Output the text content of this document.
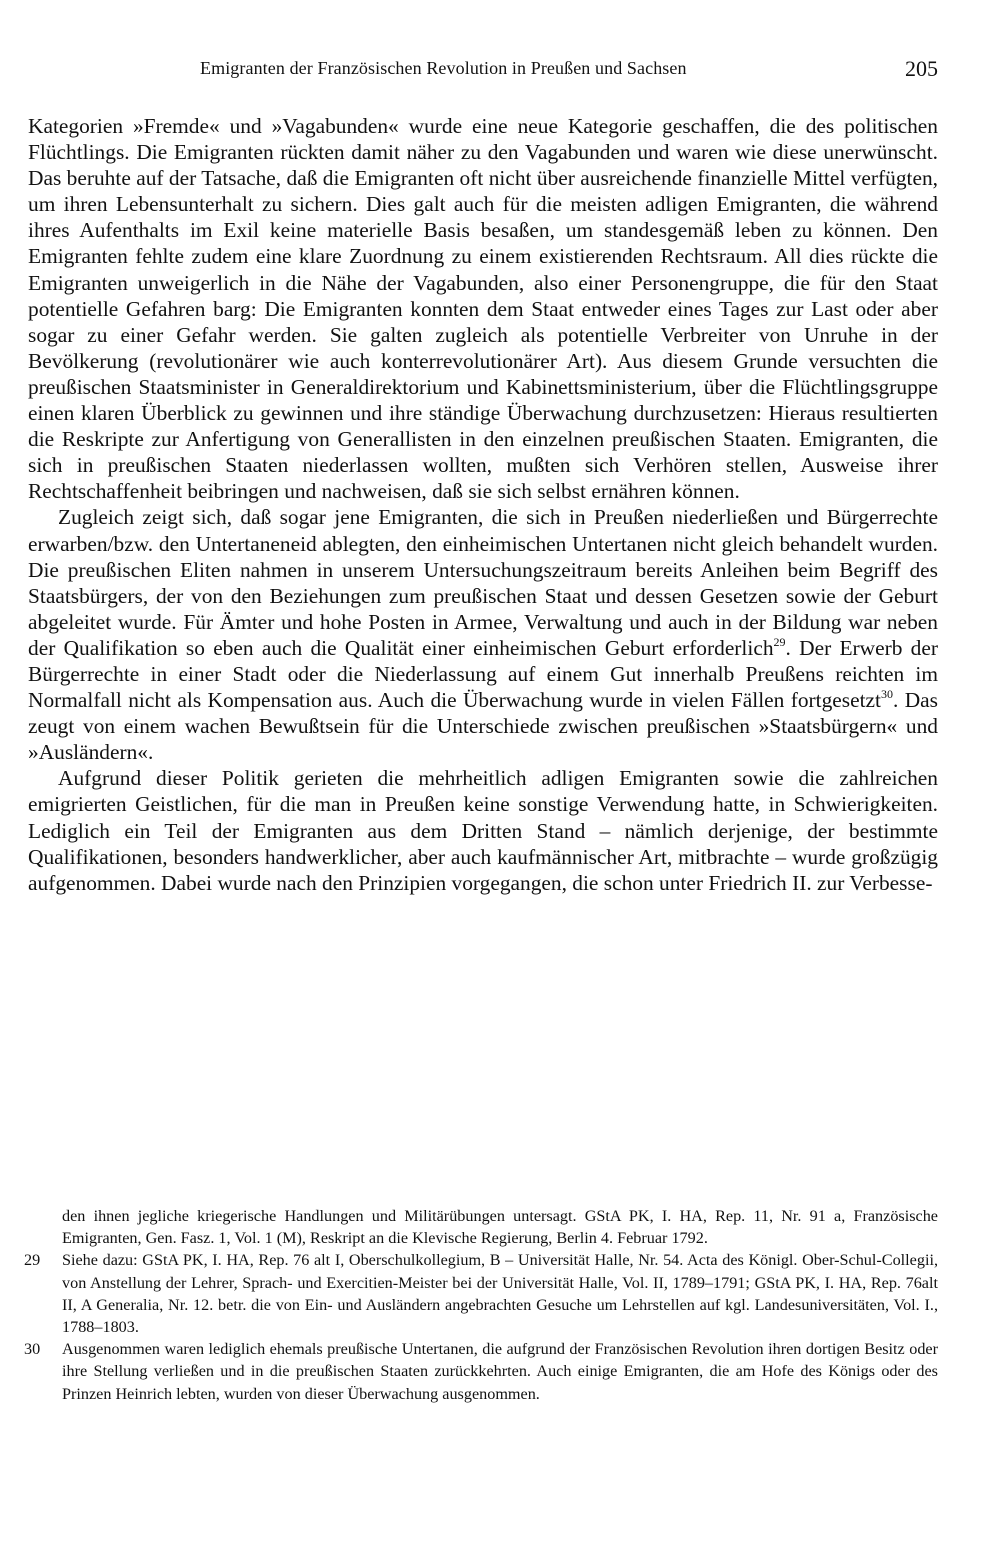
Emigranten der Französischen Revolution in Preußen und Sachsen	205

Kategorien »Fremde« und »Vagabunden« wurde eine neue Kategorie geschaffen, die des politischen Flüchtlings. Die Emigranten rückten damit näher zu den Vagabunden und waren wie diese unerwünscht. Das beruhte auf der Tatsache, daß die Emigranten oft nicht über ausreichende finanzielle Mittel verfügten, um ihren Lebensunterhalt zu sichern. Dies galt auch für die meisten adligen Emigranten, die während ihres Aufenthalts im Exil keine materielle Basis besaßen, um standesgemäß leben zu können. Den Emigranten fehlte zudem eine klare Zuordnung zu einem existierenden Rechtsraum. All dies rückte die Emigranten unweigerlich in die Nähe der Vagabunden, also einer Personengruppe, die für den Staat potentielle Gefahren barg: Die Emigranten konnten dem Staat entweder eines Tages zur Last oder aber sogar zu einer Gefahr werden. Sie galten zugleich als potentielle Verbreiter von Unruhe in der Bevölkerung (revolutionärer wie auch konterrevolutionärer Art). Aus diesem Grunde versuchten die preußischen Staatsminister in Generaldirektorium und Kabinettsministerium, über die Flüchtlingsgruppe einen klaren Überblick zu gewinnen und ihre ständige Überwachung durchzusetzen: Hieraus resultierten die Reskripte zur Anfertigung von Generallisten in den einzelnen preußischen Staaten. Emigranten, die sich in preußischen Staaten niederlassen wollten, mußten sich Verhören stellen, Ausweise ihrer Rechtschaffenheit beibringen und nachweisen, daß sie sich selbst ernähren können.

Zugleich zeigt sich, daß sogar jene Emigranten, die sich in Preußen niederließen und Bürgerrechte erwarben/bzw. den Untertaneneid ablegten, den einheimischen Untertanen nicht gleich behandelt wurden. Die preußischen Eliten nahmen in unserem Untersuchungszeitraum bereits Anleihen beim Begriff des Staatsbürgers, der von den Beziehungen zum preußischen Staat und dessen Gesetzen sowie der Geburt abgeleitet wurde. Für Ämter und hohe Posten in Armee, Verwaltung und auch in der Bildung war neben der Qualifikation so eben auch die Qualität einer einheimischen Geburt erforderlich$^{29}$. Der Erwerb der Bürgerrechte in einer Stadt oder die Niederlassung auf einem Gut innerhalb Preußens reichten im Normalfall nicht als Kompensation aus. Auch die Überwachung wurde in vielen Fällen fortgesetzt$^{30}$. Das zeugt von einem wachen Bewußtsein für die Unterschiede zwischen preußischen »Staatsbürgern« und »Ausländern«.

Aufgrund dieser Politik gerieten die mehrheitlich adligen Emigranten sowie die zahlreichen emigrierten Geistlichen, für die man in Preußen keine sonstige Verwendung hatte, in Schwierigkeiten. Lediglich ein Teil der Emigranten aus dem Dritten Stand – nämlich derjenige, der bestimmte Qualifikationen, besonders handwerklicher, aber auch kaufmännischer Art, mitbrachte – wurde großzügig aufgenommen. Dabei wurde nach den Prinzipien vorgegangen, die schon unter Friedrich II. zur Verbesse-

den ihnen jegliche kriegerische Handlungen und Militärübungen untersagt. GStA PK, I. HA, Rep. 11, Nr. 91 a, Französische Emigranten, Gen. Fasz. 1, Vol. 1 (M), Reskript an die Klevische Regierung, Berlin 4. Februar 1792.

29 Siehe dazu: GStA PK, I. HA, Rep. 76 alt I, Oberschulkollegium, B – Universität Halle, Nr. 54. Acta des Königl. Ober-Schul-Collegii, von Anstellung der Lehrer, Sprach- und Exercitien-Meister bei der Universität Halle, Vol. II, 1789–1791; GStA PK, I. HA, Rep. 76alt II, A Generalia, Nr. 12. betr. die von Ein- und Ausländern angebrachten Gesuche um Lehrstellen auf kgl. Landesuniversitäten, Vol. I., 1788–1803.

30 Ausgenommen waren lediglich ehemals preußische Untertanen, die aufgrund der Französischen Revolution ihren dortigen Besitz oder ihre Stellung verließen und in die preußischen Staaten zurückkehrten. Auch einige Emigranten, die am Hofe des Königs oder des Prinzen Heinrich lebten, wurden von dieser Überwachung ausgenommen.
